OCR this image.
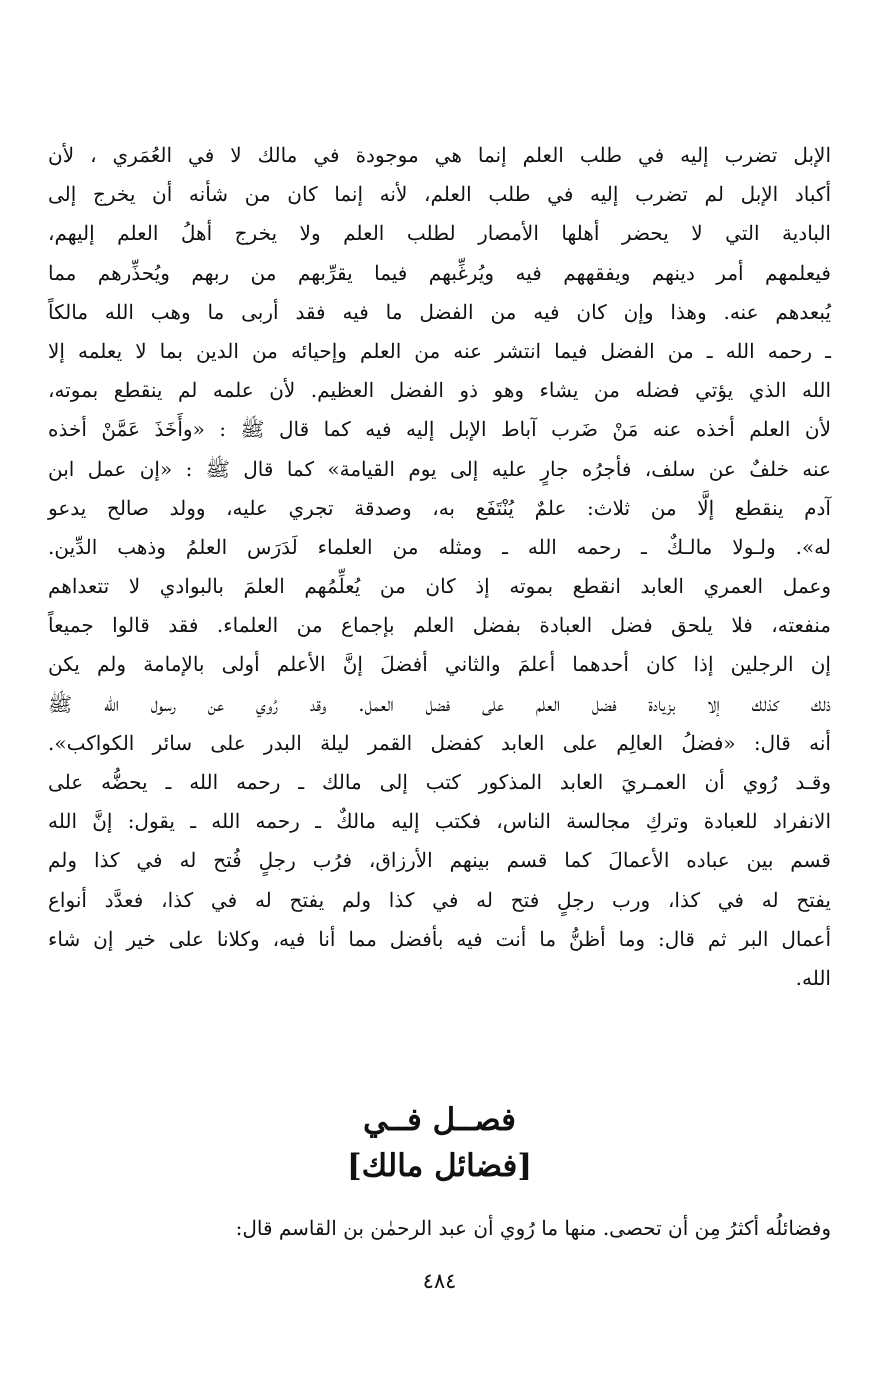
الإبل تضرب إليه في طلب العلم إنما هي موجودة في مالك لا في العُمَري ، لأن
أكباد الإبل لم تضرب إليه في طلب العلم، لأنه إنما كان من شأنه أن يخرج إلى
البادية التي لا يحضر أهلها الأمصار لطلب العلم ولا يخرج أهلُ العلم إليهم،
فيعلمهم أمر دينهم ويفقههم فيه ويُرغِّبهم فيما يقرِّبهم من ربهم ويُحذِّرهم مما
يُبعدهم عنه. وهذا وإن كان فيه من الفضل ما فيه فقد أربى ما وهب الله مالكاً
ـ رحمه الله ـ من الفضل فيما انتشر عنه من العلم وإحيائه من الدين بما لا يعلمه إلا
الله الذي يؤتي فضله من يشاء وهو ذو الفضل العظيم. لأن علمه لم ينقطع بموته،
لأن العلم أخذه عنه مَنْ ضَرب آباط الإبل إليه فيه كما قال ﷺ : «وأَخَذَ عَمَّنْ أخذه
عنه خلفٌ عن سلف، فأجرُه جارٍ عليه إلى يوم القيامة» كما قال ﷺ : «إن عمل ابن
آدم ينقطع إلَّا من ثلاث: علمٌ يُنْتَفَع به، وصدقة تجري عليه، وولد صالح يدعو
له». ولـولا مالـكٌ ـ رحمه الله ـ ومثله من العلماء لَدَرَس العلمُ وذهب الدِّين.
وعمل العمري العابد انقطع بموته إذ كان من يُعلِّمُهم العلمَ بالبوادي لا تتعداهم
منفعته، فلا يلحق فضل العبادة بفضل العلم بإجماع من العلماء. فقد قالوا جميعاً
إن الرجلين إذا كان أحدهما أعلمَ والثاني أفضلَ إنَّ الأعلم أولى بالإمامة ولم يكن
ذلك كذلك إلا بزيادة فضل العلم على فضل العمل. وقد رُوي عن رسول الله ﷺ
أنه قال: «فضلُ العالِم على العابد كفضل القمر ليلة البدر على سائر الكواكب».
وقـد رُوي أن العمـريَ العابد المذكور كتب إلى مالك ـ رحمه الله ـ يحضُّه على
الانفراد للعبادة وتركِ مجالسة الناس، فكتب إليه مالكٌ ـ رحمه الله ـ يقول: إنَّ الله
قسم بين عباده الأعمالَ كما قسم بينهم الأرزاق، فرُب رجلٍ فُتح له في كذا ولم
يفتح له في كذا، ورب رجلٍ فتح له في كذا ولم يفتح له في كذا، فعدَّد أنواع
أعمال البر ثم قال: وما أظنُّ ما أنت فيه بأفضل مما أنا فيه، وكلانا على خير إن شاء
الله.
فصــل فــي
[فضائل مالك]
وفضائلُه أكثرُ مِن أن تحصى. منها ما رُوي أن عبد الرحمٰن بن القاسم قال:
٤٨٤
